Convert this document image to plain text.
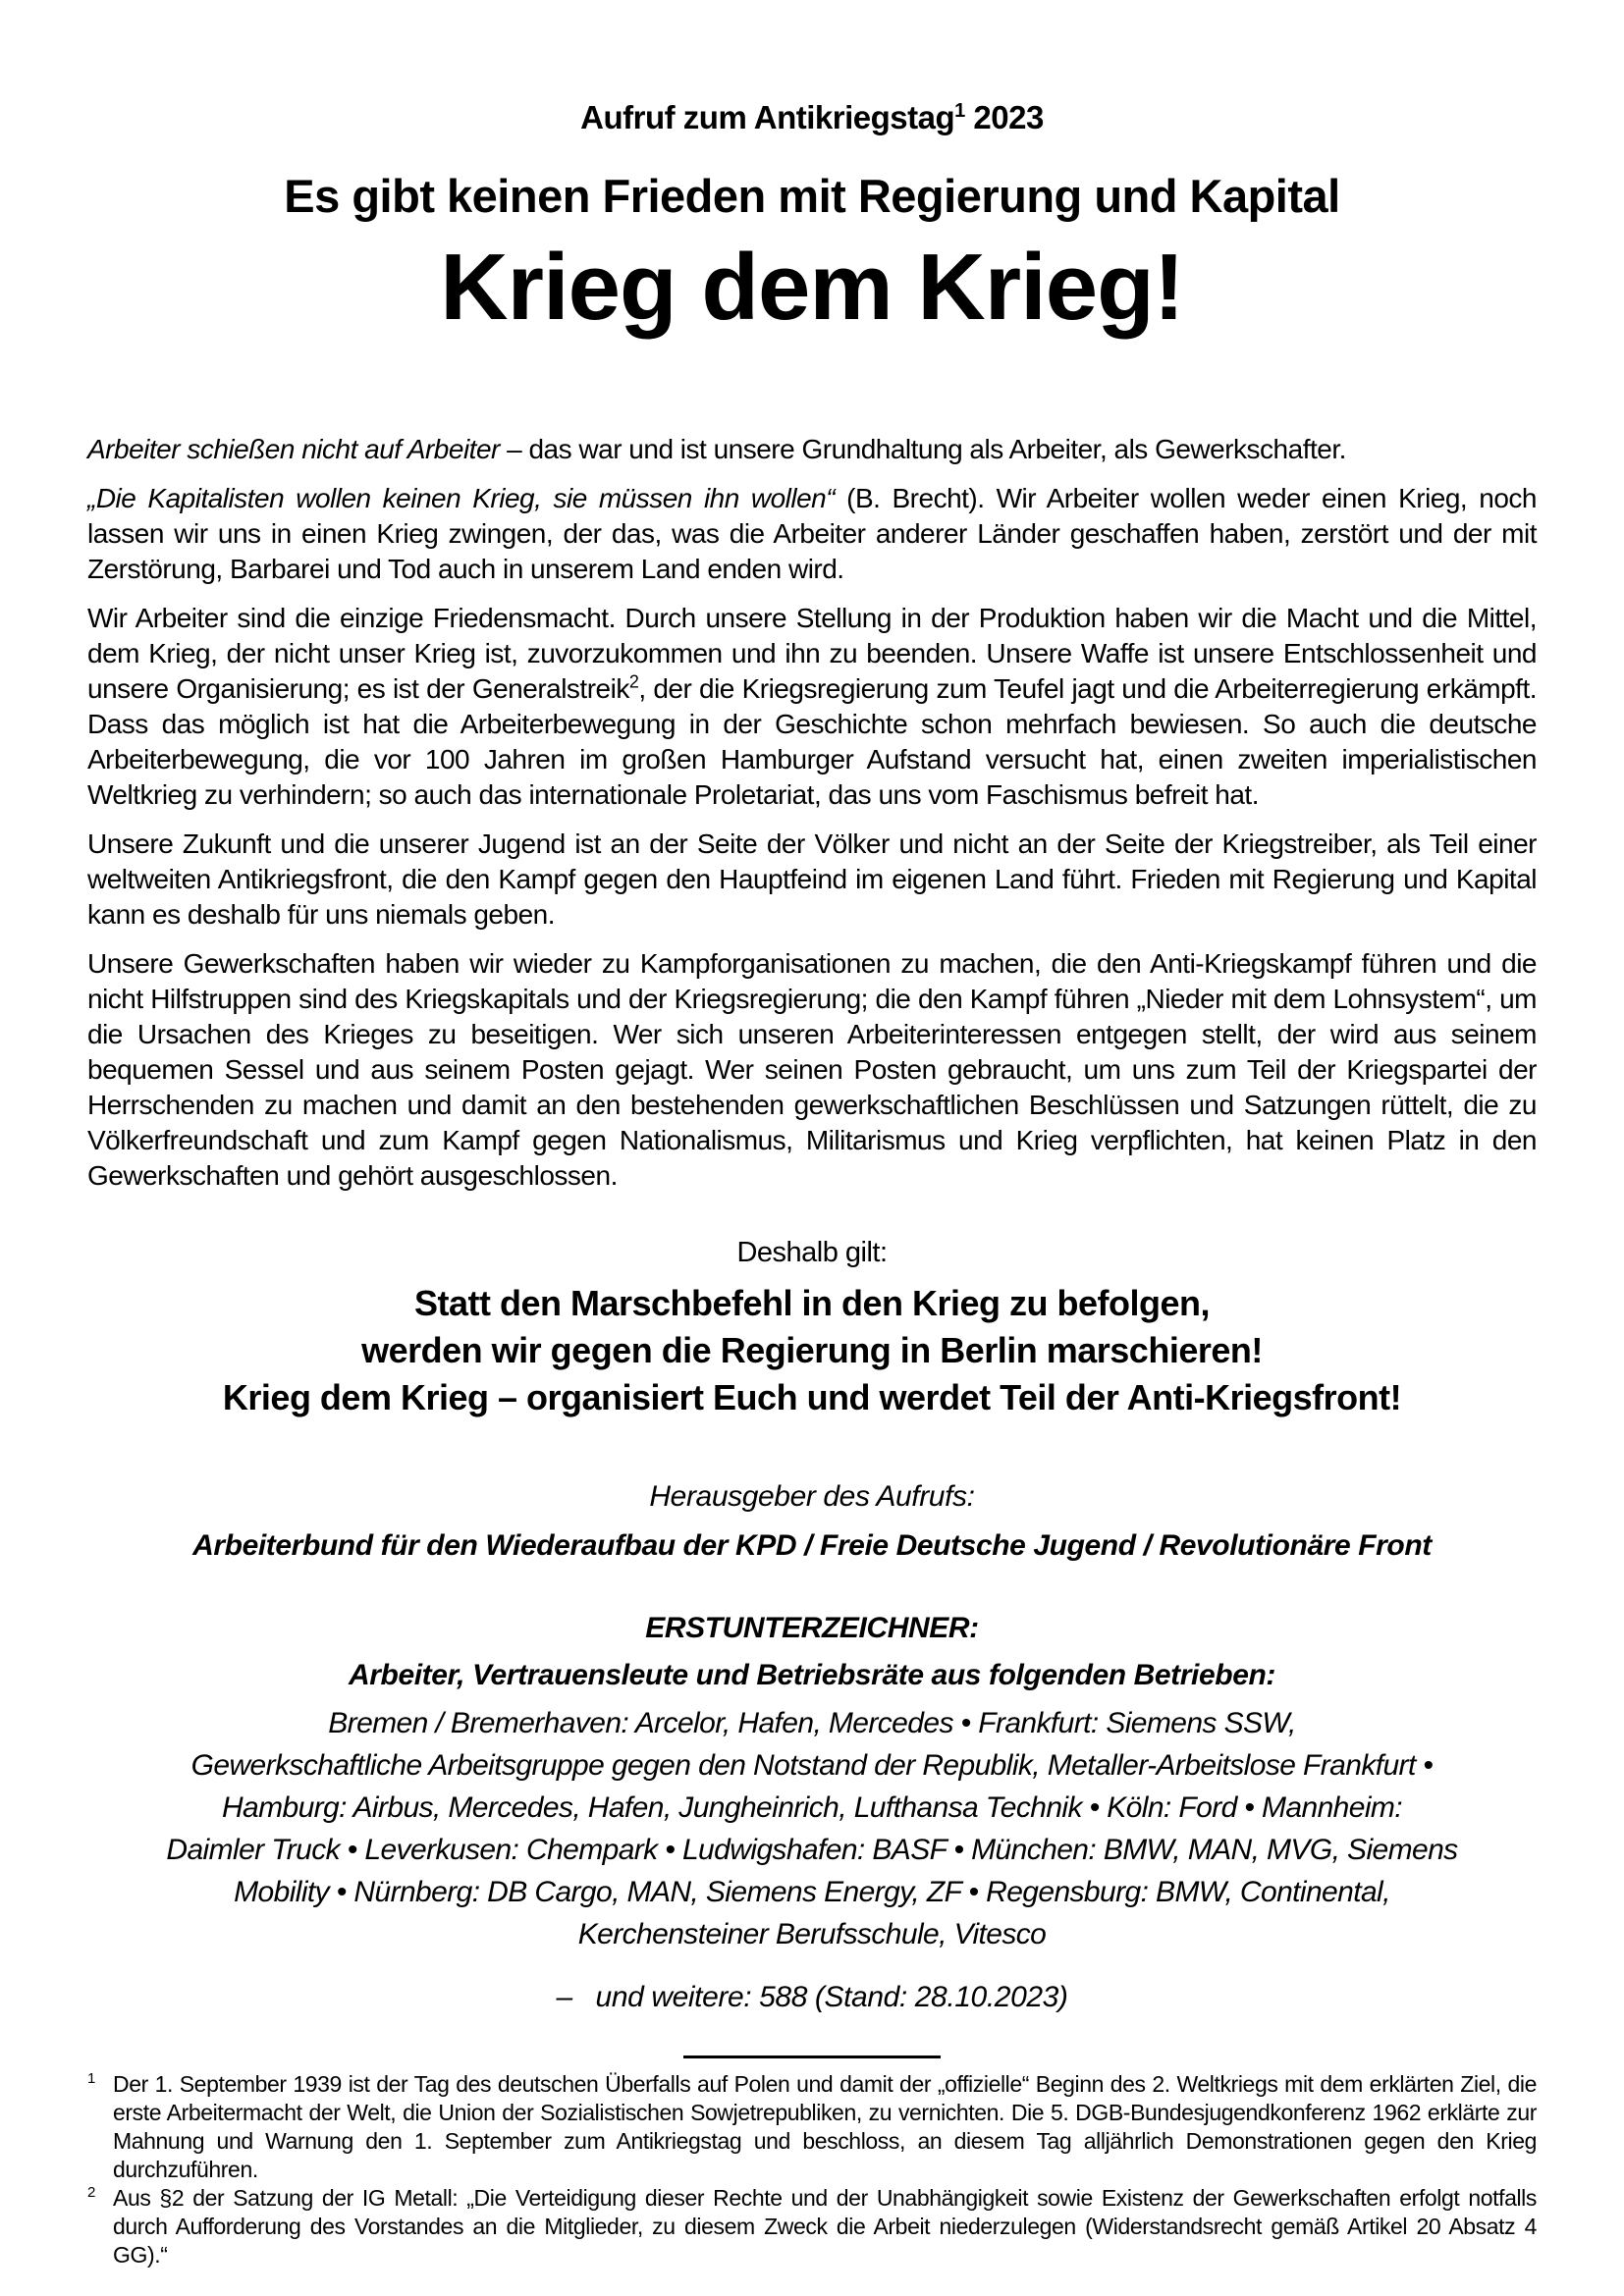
Aufruf zum Antikriegstag$^1$ 2023
Es gibt keinen Frieden mit Regierung und Kapital
Krieg dem Krieg!

Arbeiter schießen nicht auf Arbeiter – das war und ist unsere Grundhaltung als Arbeiter, als Gewerkschafter.

„Die Kapitalisten wollen keinen Krieg, sie müssen ihn wollen“ (B. Brecht). Wir Arbeiter wollen weder einen Krieg, noch lassen wir uns in einen Krieg zwingen, der das, was die Arbeiter anderer Länder geschaffen haben, zerstört und der mit Zerstörung, Barbarei und Tod auch in unserem Land enden wird.

Wir Arbeiter sind die einzige Friedensmacht. Durch unsere Stellung in der Produktion haben wir die Macht und die Mittel, dem Krieg, der nicht unser Krieg ist, zuvorzukommen und ihn zu beenden. Unsere Waffe ist unsere Entschlossenheit und unsere Organisierung; es ist der Generalstreik$^2$, der die Kriegsregierung zum Teufel jagt und die Arbeiterregierung erkämpft. Dass das möglich ist hat die Arbeiterbewegung in der Geschichte schon mehrfach bewiesen. So auch die deutsche Arbeiterbewegung, die vor 100 Jahren im großen Hamburger Aufstand versucht hat, einen zweiten imperialistischen Weltkrieg zu verhindern; so auch das internationale Proletariat, das uns vom Faschismus befreit hat.

Unsere Zukunft und die unserer Jugend ist an der Seite der Völker und nicht an der Seite der Kriegstreiber, als Teil einer weltweiten Antikriegsfront, die den Kampf gegen den Hauptfeind im eigenen Land führt. Frieden mit Regierung und Kapital kann es deshalb für uns niemals geben.

Unsere Gewerkschaften haben wir wieder zu Kampforganisationen zu machen, die den Anti-Kriegskampf führen und die nicht Hilfstruppen sind des Kriegskapitals und der Kriegsregierung; die den Kampf führen „Nieder mit dem Lohnsystem“, um die Ursachen des Krieges zu beseitigen. Wer sich unseren Arbeiterinteressen entgegen stellt, der wird aus seinem bequemen Sessel und aus seinem Posten gejagt. Wer seinen Posten gebraucht, um uns zum Teil der Kriegspartei der Herrschenden zu machen und damit an den bestehenden gewerkschaftlichen Beschlüssen und Satzungen rüttelt, die zu Völkerfreundschaft und zum Kampf gegen Nationalismus, Militarismus und Krieg verpflichten, hat keinen Platz in den Gewerkschaften und gehört ausgeschlossen.

Deshalb gilt:
Statt den Marschbefehl in den Krieg zu befolgen,
werden wir gegen die Regierung in Berlin marschieren!
Krieg dem Krieg – organisiert Euch und werdet Teil der Anti-Kriegsfront!
Herausgeber des Aufrufs:
Arbeiterbund für den Wiederaufbau der KPD / Freie Deutsche Jugend / Revolutionäre Front
ERSTUNTERZEICHNER:
Arbeiter, Vertrauensleute und Betriebsräte aus folgenden Betrieben:
Bremen / Bremerhaven: Arcelor, Hafen, Mercedes • Frankfurt: Siemens SSW,
Gewerkschaftliche Arbeitsgruppe gegen den Notstand der Republik, Metaller-Arbeitslose Frankfurt •
Hamburg: Airbus, Mercedes, Hafen, Jungheinrich, Lufthansa Technik • Köln: Ford • Mannheim:
Daimler Truck • Leverkusen: Chempark • Ludwigshafen: BASF • München: BMW, MAN, MVG, Siemens
Mobility • Nürnberg: DB Cargo, MAN, Siemens Energy, ZF • Regensburg: BMW, Continental,
Kerchensteiner Berufsschule, Vitesco
–   und weitere: 588 (Stand: 28.10.2023)
1 Der 1. September 1939 ist der Tag des deutschen Überfalls auf Polen und damit der „offizielle“ Beginn des 2. Weltkriegs mit dem erklärten Ziel, die erste Arbeitermacht der Welt, die Union der Sozialistischen Sowjetrepubliken, zu vernichten. Die 5. DGB-Bundesjugendkonferenz 1962 erklärte zur Mahnung und Warnung den 1. September zum Antikriegstag und beschloss, an diesem Tag alljährlich Demonstrationen gegen den Krieg durchzuführen.
2 Aus §2 der Satzung der IG Metall: „Die Verteidigung dieser Rechte und der Unabhängigkeit sowie Existenz der Gewerkschaften erfolgt notfalls durch Aufforderung des Vorstandes an die Mitglieder, zu diesem Zweck die Arbeit niederzulegen (Widerstandsrecht gemäß Artikel 20 Absatz 4 GG).“
